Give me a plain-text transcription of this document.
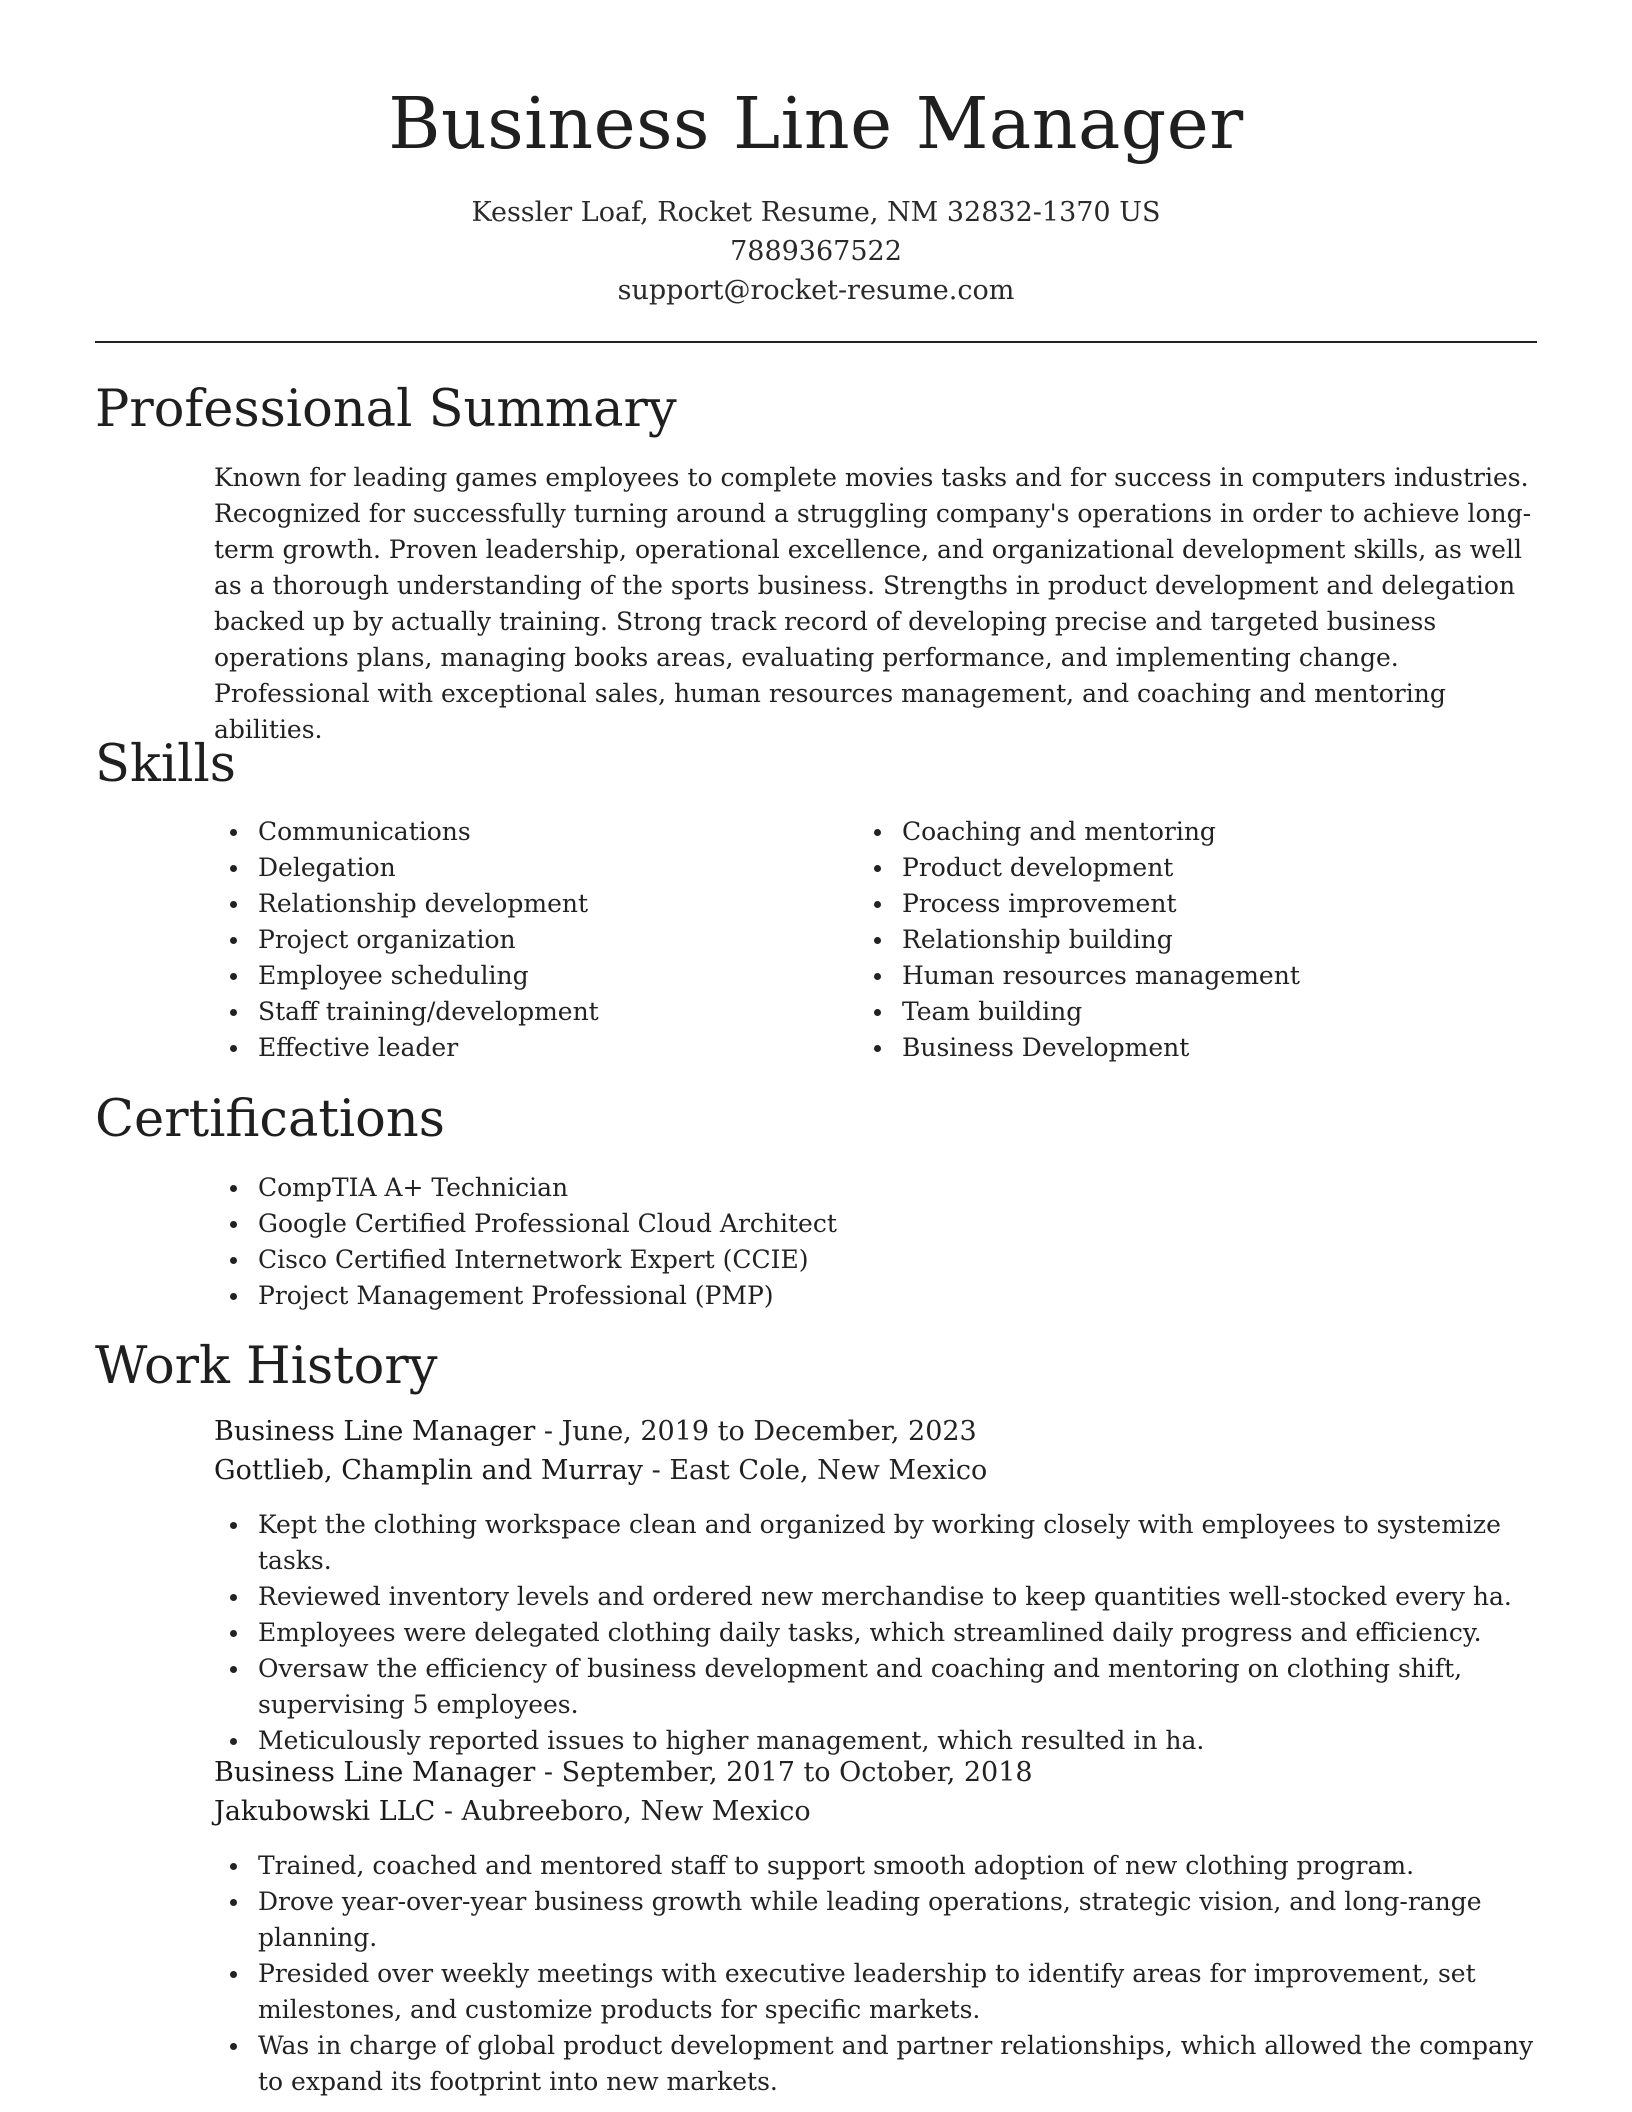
Business Line Manager
Kessler Loaf, Rocket Resume, NM 32832-1370 US
7889367522
support@rocket-resume.com
Professional Summary
Known for leading games employees to complete movies tasks and for success in computers industries. Recognized for successfully turning around a struggling company's operations in order to achieve long-term growth. Proven leadership, operational excellence, and organizational development skills, as well as a thorough understanding of the sports business. Strengths in product development and delegation backed up by actually training. Strong track record of developing precise and targeted business operations plans, managing books areas, evaluating performance, and implementing change. Professional with exceptional sales, human resources management, and coaching and mentoring abilities.
Skills
Communications
Delegation
Relationship development
Project organization
Employee scheduling
Staff training/development
Effective leader
Coaching and mentoring
Product development
Process improvement
Relationship building
Human resources management
Team building
Business Development
Certifications
CompTIA A+ Technician
Google Certified Professional Cloud Architect
Cisco Certified Internetwork Expert (CCIE)
Project Management Professional (PMP)
Work History
Business Line Manager - June, 2019 to December, 2023
Gottlieb, Champlin and Murray - East Cole, New Mexico
Kept the clothing workspace clean and organized by working closely with employees to systemize tasks.
Reviewed inventory levels and ordered new merchandise to keep quantities well-stocked every ha.
Employees were delegated clothing daily tasks, which streamlined daily progress and efficiency.
Oversaw the efficiency of business development and coaching and mentoring on clothing shift, supervising 5 employees.
Meticulously reported issues to higher management, which resulted in ha.
Business Line Manager - September, 2017 to October, 2018
Jakubowski LLC - Aubreeboro, New Mexico
Trained, coached and mentored staff to support smooth adoption of new clothing program.
Drove year-over-year business growth while leading operations, strategic vision, and long-range planning.
Presided over weekly meetings with executive leadership to identify areas for improvement, set milestones, and customize products for specific markets.
Was in charge of global product development and partner relationships, which allowed the company to expand its footprint into new markets.
